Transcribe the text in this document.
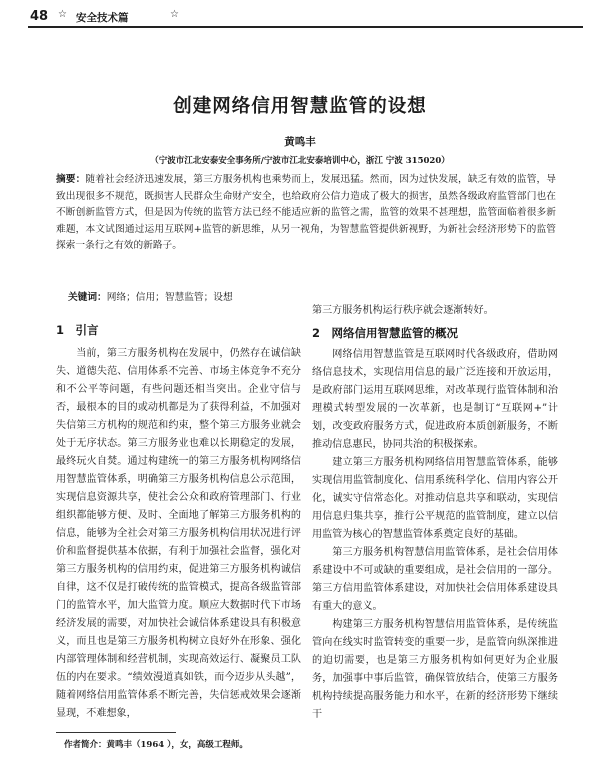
48 ☆ 安全技术篇	☆
创建网络信用智慧监管的设想
黄鸣丰
（宁波市江北安泰安全事务所/宁波市江北安泰培训中心，浙江 宁波 315020）

摘要：随着社会经济迅速发展，第三方服务机构也乘势而上，发展迅猛。然而，因为过快发展，缺乏有效的监管，导致出现很多不规范，既损害人民群众生命财产安全，也给政府公信力造成了极大的损害，虽然各级政府监管部门也在不断创新监管方式，但是因为传统的监管方法已经不能适应新的监管之需，监管的效果不甚理想，监管面临着很多新难题，本文试图通过运用互联网+监管的新思维，从另一视角，为智慧监管提供新视野，为新社会经济形势下的监管探索一条行之有效的新路子。

关键词：网络；信用；智慧监管；设想

1　引言

当前，第三方服务机构在发展中，仍然存在诚信缺失、道德失范、信用体系不完善、市场主体竞争不充分和不公平等问题，有些问题还相当突出。企业守信与否，最根本的目的或动机都是为了获得利益，不加强对失信第三方机构的规范和约束，整个第三方服务业就会处于无序状态。第三方服务业也难以长期稳定的发展，最终玩火自焚。通过构建统一的第三方服务机构网络信用智慧监管体系，明确第三方服务机构信息公示范围，实现信息资源共享，使社会公众和政府管理部门、行业组织都能够方便、及时、全面地了解第三方服务机构的信息，能够为全社会对第三方服务机构信用状况进行评价和监督提供基本依据，有利于加强社会监督，强化对第三方服务机构的信用约束，促进第三方服务机构诚信自律，这不仅是打破传统的监管模式，提高各级监管部门的监管水平，加大监管力度。顺应大数据时代下市场经济发展的需要，对加快社会诚信体系建设具有积极意义，而且也是第三方服务机构树立良好外在形象、强化内部管理体制和经营机制，实现高效运行、凝聚员工队伍的内在要求。“绩效漫道真如铁，而今迈步从头越”，随着网络信用监管体系不断完善，失信惩戒效果会逐渐显现，不难想象，

第三方服务机构运行秩序就会逐渐转好。

2　网络信用智慧监管的概况

网络信用智慧监管是互联网时代各级政府，借助网络信息技术，实现信用信息的最广泛连接和开放运用，是政府部门运用互联网思维，对改革现行监管体制和治理模式转型发展的一次革新，也是制订“互联网+”计划，改变政府服务方式，促进政府本质创新服务，不断推动信息惠民，协同共治的积极探索。

建立第三方服务机构网络信用智慧监管体系，能够实现信用监管制度化、信用系统科学化、信用内容公开化，诚实守信常态化。对推动信息共享和联动，实现信用信息归集共享，推行公平规范的监管制度，建立以信用监管为核心的智慧监管体系奠定良好的基础。

第三方服务机构智慧信用监管体系，是社会信用体系建设中不可或缺的重要组成，是社会信用的一部分。第三方信用监管体系建设，对加快社会信用体系建设具有重大的意义。

构建第三方服务机构智慧信用监管体系，是传统监管向在线实时监管转变的重要一步，是监管向纵深推进的迫切需要，也是第三方服务机构如何更好为企业服务，加强事中事后监管，确保管放结合，使第三方服务机构持续提高服务能力和水平，在新的经济形势下继续干

作者简介：黄鸣丰（1964 ），女，高级工程师。
